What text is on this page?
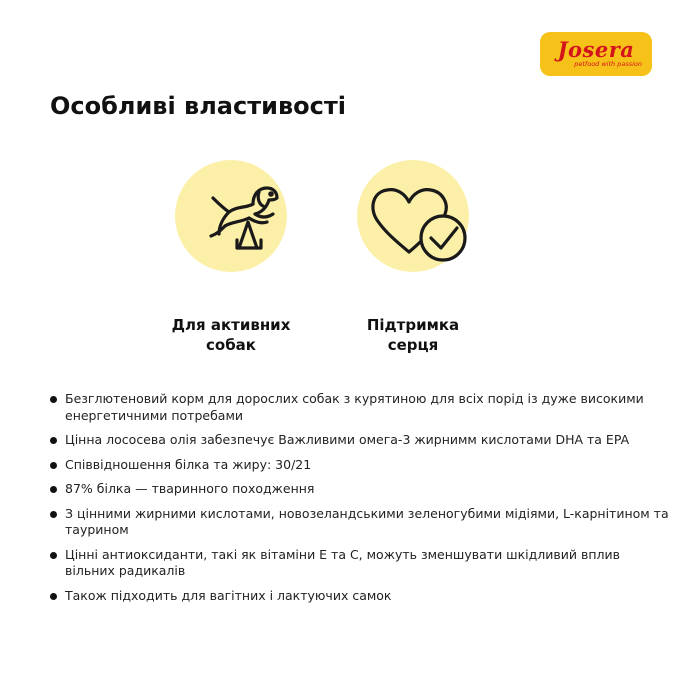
Josera
petfood with passion
Особливі властивості
Для активних
собак
Підтримка
серця
Безглютеновий корм для дорослих собак з курятиною для всіх порід із дуже високими енергетичними потребами
Цінна лососева олія забезпечує Важливими омега-3 жирнимм кислотами DHA та EPA
Співвідношення білка та жиру: 30/21
87% білка — тваринного походження
З цінними жирними кислотами, новозеландськими зеленогубими мідіями, L-карнітином та таурином
Цінні антиоксиданти, такі як вітаміни Е та С, можуть зменшувати шкідливий вплив вільних радикалів
Також підходить для вагітних і лактуючих самок
